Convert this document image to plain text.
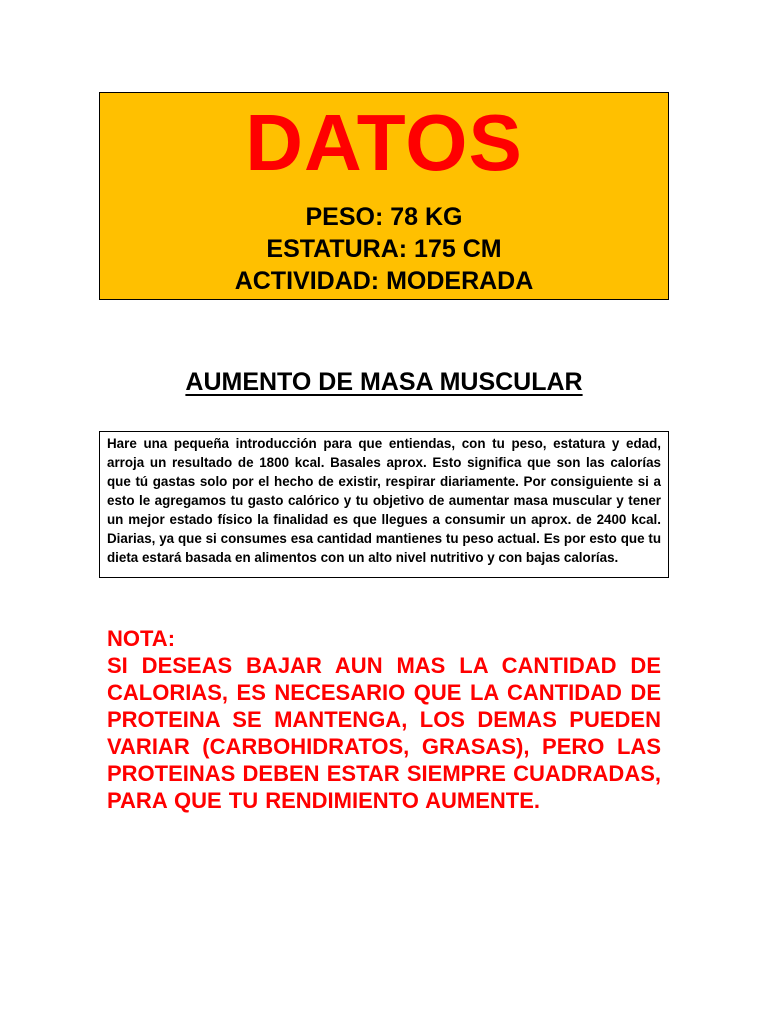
DATOS
PESO: 78 KG
ESTATURA: 175 CM
ACTIVIDAD: MODERADA
AUMENTO DE MASA MUSCULAR

Hare una pequeña introducción para que entiendas, con tu peso, estatura y edad, arroja un resultado de 1800 kcal. Basales aprox. Esto significa que son las calorías que tú gastas solo por el hecho de existir, respirar diariamente. Por consiguiente si a esto le agregamos tu gasto calórico y tu objetivo de aumentar masa muscular y tener un mejor estado físico la finalidad es que llegues a consumir un aprox. de 2400 kcal. Diarias, ya que si consumes esa cantidad mantienes tu peso actual. Es por esto que tu dieta estará basada en alimentos con un alto nivel nutritivo y con bajas calorías.

NOTA:

SI DESEAS BAJAR AUN MAS LA CANTIDAD DE CALORIAS, ES NECESARIO QUE LA CANTIDAD DE PROTEINA SE MANTENGA, LOS DEMAS PUEDEN VARIAR (CARBOHIDRATOS, GRASAS), PERO LAS PROTEINAS DEBEN ESTAR SIEMPRE CUADRADAS, PARA QUE TU RENDIMIENTO AUMENTE.
